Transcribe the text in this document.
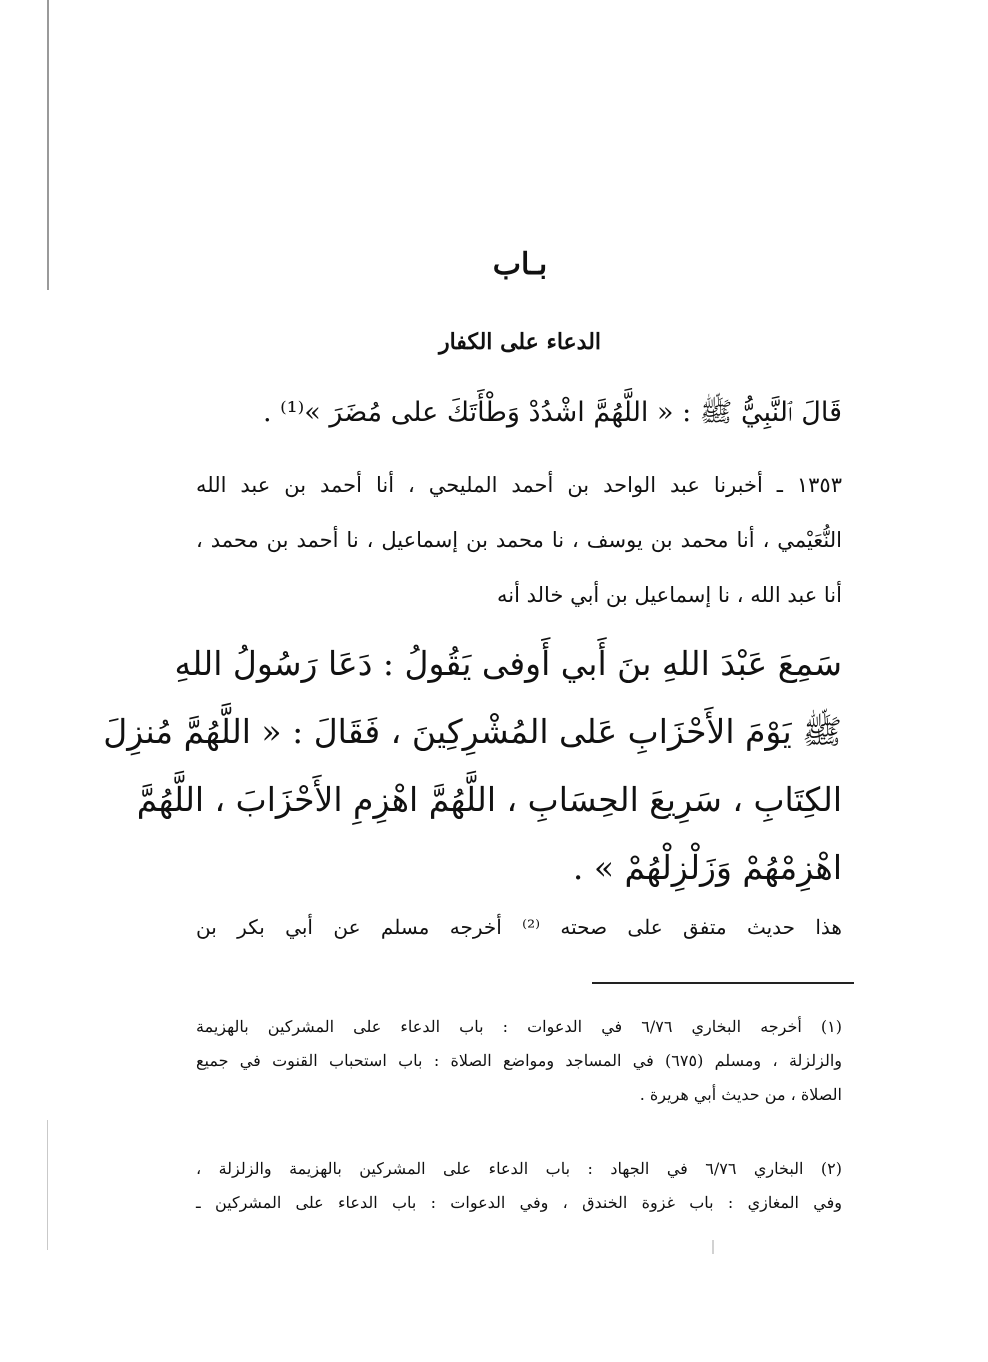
بـاب
الدعاء على الكفار
قَالَ ٱلنَّبِيُّ ﷺ : « اللَّهُمَّ اشْدُدْ وَطْأَتَكَ على مُضَرَ »⁽¹⁾ .
١٣٥٣ ـ أخبرنا عبد الواحد بن أحمد المليحي ، أنا أحمد بن عبد الله
النُّعَيْمي ، أنا محمد بن يوسف ، نا محمد بن إسماعيل ، نا أحمد بن محمد ،
أنا عبد الله ، نا إسماعيل بن أبي خالد أنه
سَمِعَ عَبْدَ اللهِ بنَ أَبي أَوفى يَقُولُ : دَعَا رَسُولُ اللهِ
ﷺ يَوْمَ الأَحْزَابِ عَلى المُشْرِكِينَ ، فَقَالَ : « اللَّهُمَّ مُنزِلَ
الكِتَابِ ، سَرِيعَ الحِسَابِ ، اللَّهُمَّ اهْزِمِ الأَحْزَابَ ، اللَّهُمَّ
اهْزِمْهُمْ وَزَلْزِلْهُمْ » .
هذا حديث متفق على صحته ⁽²⁾ أخرجه مسلم عن أبي بكر بن
(١) أخرجه البخاري ٦/٧٦ في الدعوات : باب الدعاء على المشركين بالهزيمة
والزلزلة ، ومسلم (٦٧٥) في المساجد ومواضع الصلاة : باب استحباب القنوت في جميع
الصلاة ، من حديث أبي هريرة .
(٢) البخاري ٦/٧٦ في الجهاد : باب الدعاء على المشركين بالهزيمة والزلزلة ،
وفي المغازي : باب غزوة الخندق ، وفي الدعوات : باب الدعاء على المشركين ـ
